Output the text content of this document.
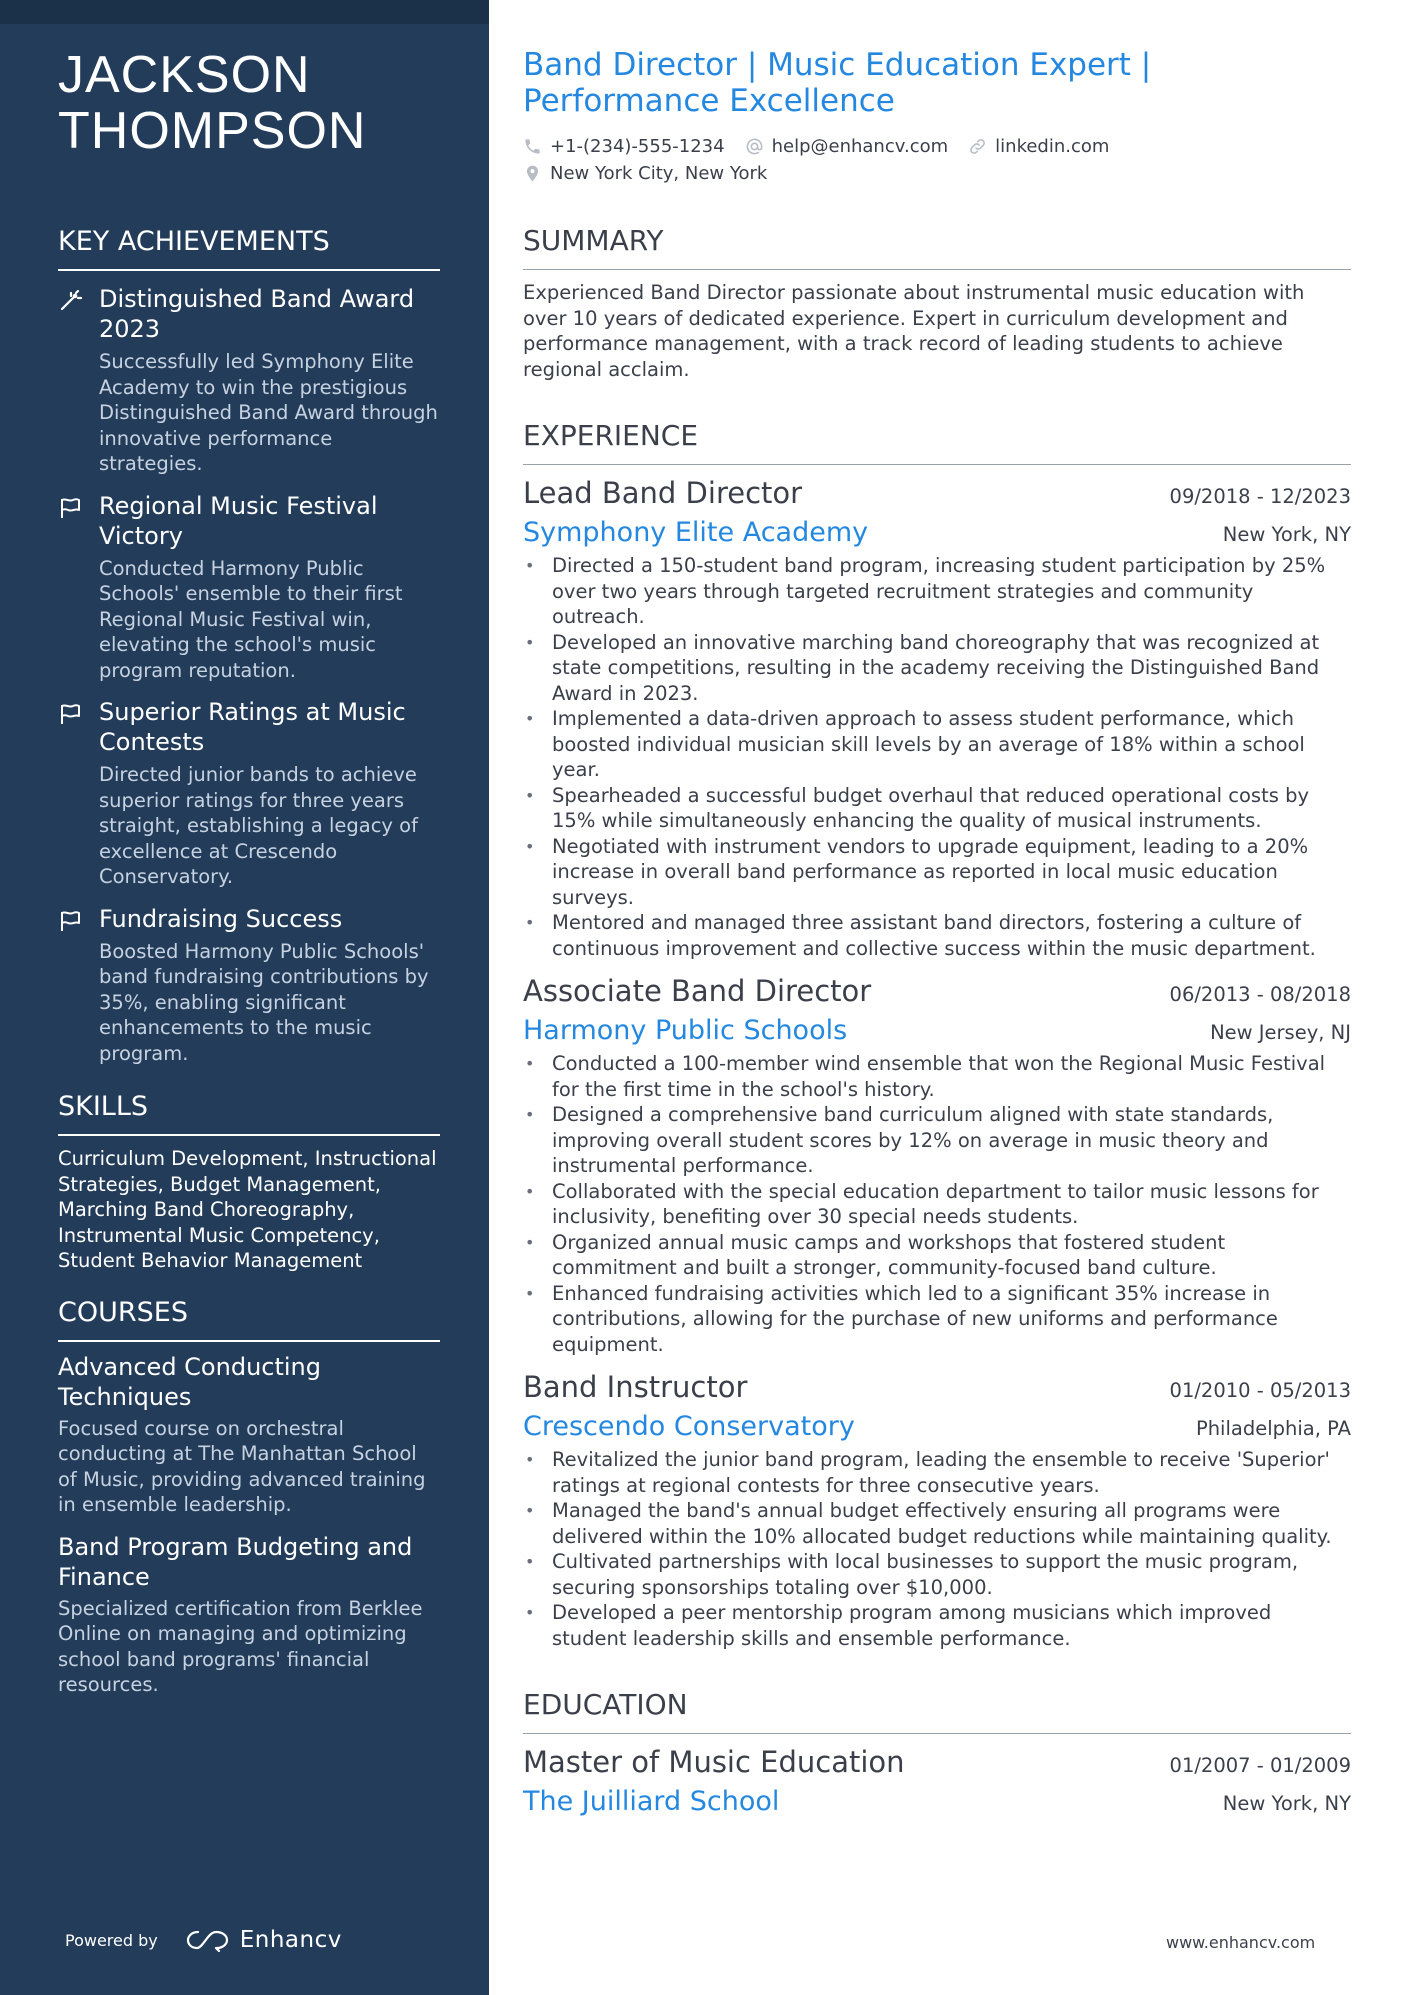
JACKSON THOMPSON
KEY ACHIEVEMENTS
Distinguished Band Award 2023
Successfully led Symphony Elite Academy to win the prestigious Distinguished Band Award through innovative performance strategies.
Regional Music Festival Victory
Conducted Harmony Public Schools' ensemble to their first Regional Music Festival win, elevating the school's music program reputation.
Superior Ratings at Music Contests
Directed junior bands to achieve superior ratings for three years straight, establishing a legacy of excellence at Crescendo Conservatory.
Fundraising Success
Boosted Harmony Public Schools' band fundraising contributions by 35%, enabling significant enhancements to the music program.
SKILLS
Curriculum Development, Instructional Strategies, Budget Management, Marching Band Choreography, Instrumental Music Competency, Student Behavior Management
COURSES
Advanced Conducting Techniques
Focused course on orchestral conducting at The Manhattan School of Music, providing advanced training in ensemble leadership.
Band Program Budgeting and Finance
Specialized certification from Berklee Online on managing and optimizing school band programs' financial resources.
Powered by	Enhancv
Band Director | Music Education Expert | Performance Excellence
+1-(234)-555-1234	help@enhancv.com	linkedin.com
New York City, New York
SUMMARY
Experienced Band Director passionate about instrumental music education with over 10 years of dedicated experience. Expert in curriculum development and performance management, with a track record of leading students to achieve regional acclaim.
EXPERIENCE
Lead Band Director	09/2018 - 12/2023
Symphony Elite Academy	New York, NY
• Directed a 150-student band program, increasing student participation by 25% over two years through targeted recruitment strategies and community outreach.
• Developed an innovative marching band choreography that was recognized at state competitions, resulting in the academy receiving the Distinguished Band Award in 2023.
• Implemented a data-driven approach to assess student performance, which boosted individual musician skill levels by an average of 18% within a school year.
• Spearheaded a successful budget overhaul that reduced operational costs by 15% while simultaneously enhancing the quality of musical instruments.
• Negotiated with instrument vendors to upgrade equipment, leading to a 20% increase in overall band performance as reported in local music education surveys.
• Mentored and managed three assistant band directors, fostering a culture of continuous improvement and collective success within the music department.
Associate Band Director	06/2013 - 08/2018
Harmony Public Schools	New Jersey, NJ
• Conducted a 100-member wind ensemble that won the Regional Music Festival for the first time in the school's history.
• Designed a comprehensive band curriculum aligned with state standards, improving overall student scores by 12% on average in music theory and instrumental performance.
• Collaborated with the special education department to tailor music lessons for inclusivity, benefiting over 30 special needs students.
• Organized annual music camps and workshops that fostered student commitment and built a stronger, community-focused band culture.
• Enhanced fundraising activities which led to a significant 35% increase in contributions, allowing for the purchase of new uniforms and performance equipment.
Band Instructor	01/2010 - 05/2013
Crescendo Conservatory	Philadelphia, PA
• Revitalized the junior band program, leading the ensemble to receive 'Superior' ratings at regional contests for three consecutive years.
• Managed the band's annual budget effectively ensuring all programs were delivered within the 10% allocated budget reductions while maintaining quality.
• Cultivated partnerships with local businesses to support the music program, securing sponsorships totaling over $10,000.
• Developed a peer mentorship program among musicians which improved student leadership skills and ensemble performance.
EDUCATION
Master of Music Education	01/2007 - 01/2009
The Juilliard School	New York, NY
www.enhancv.com
